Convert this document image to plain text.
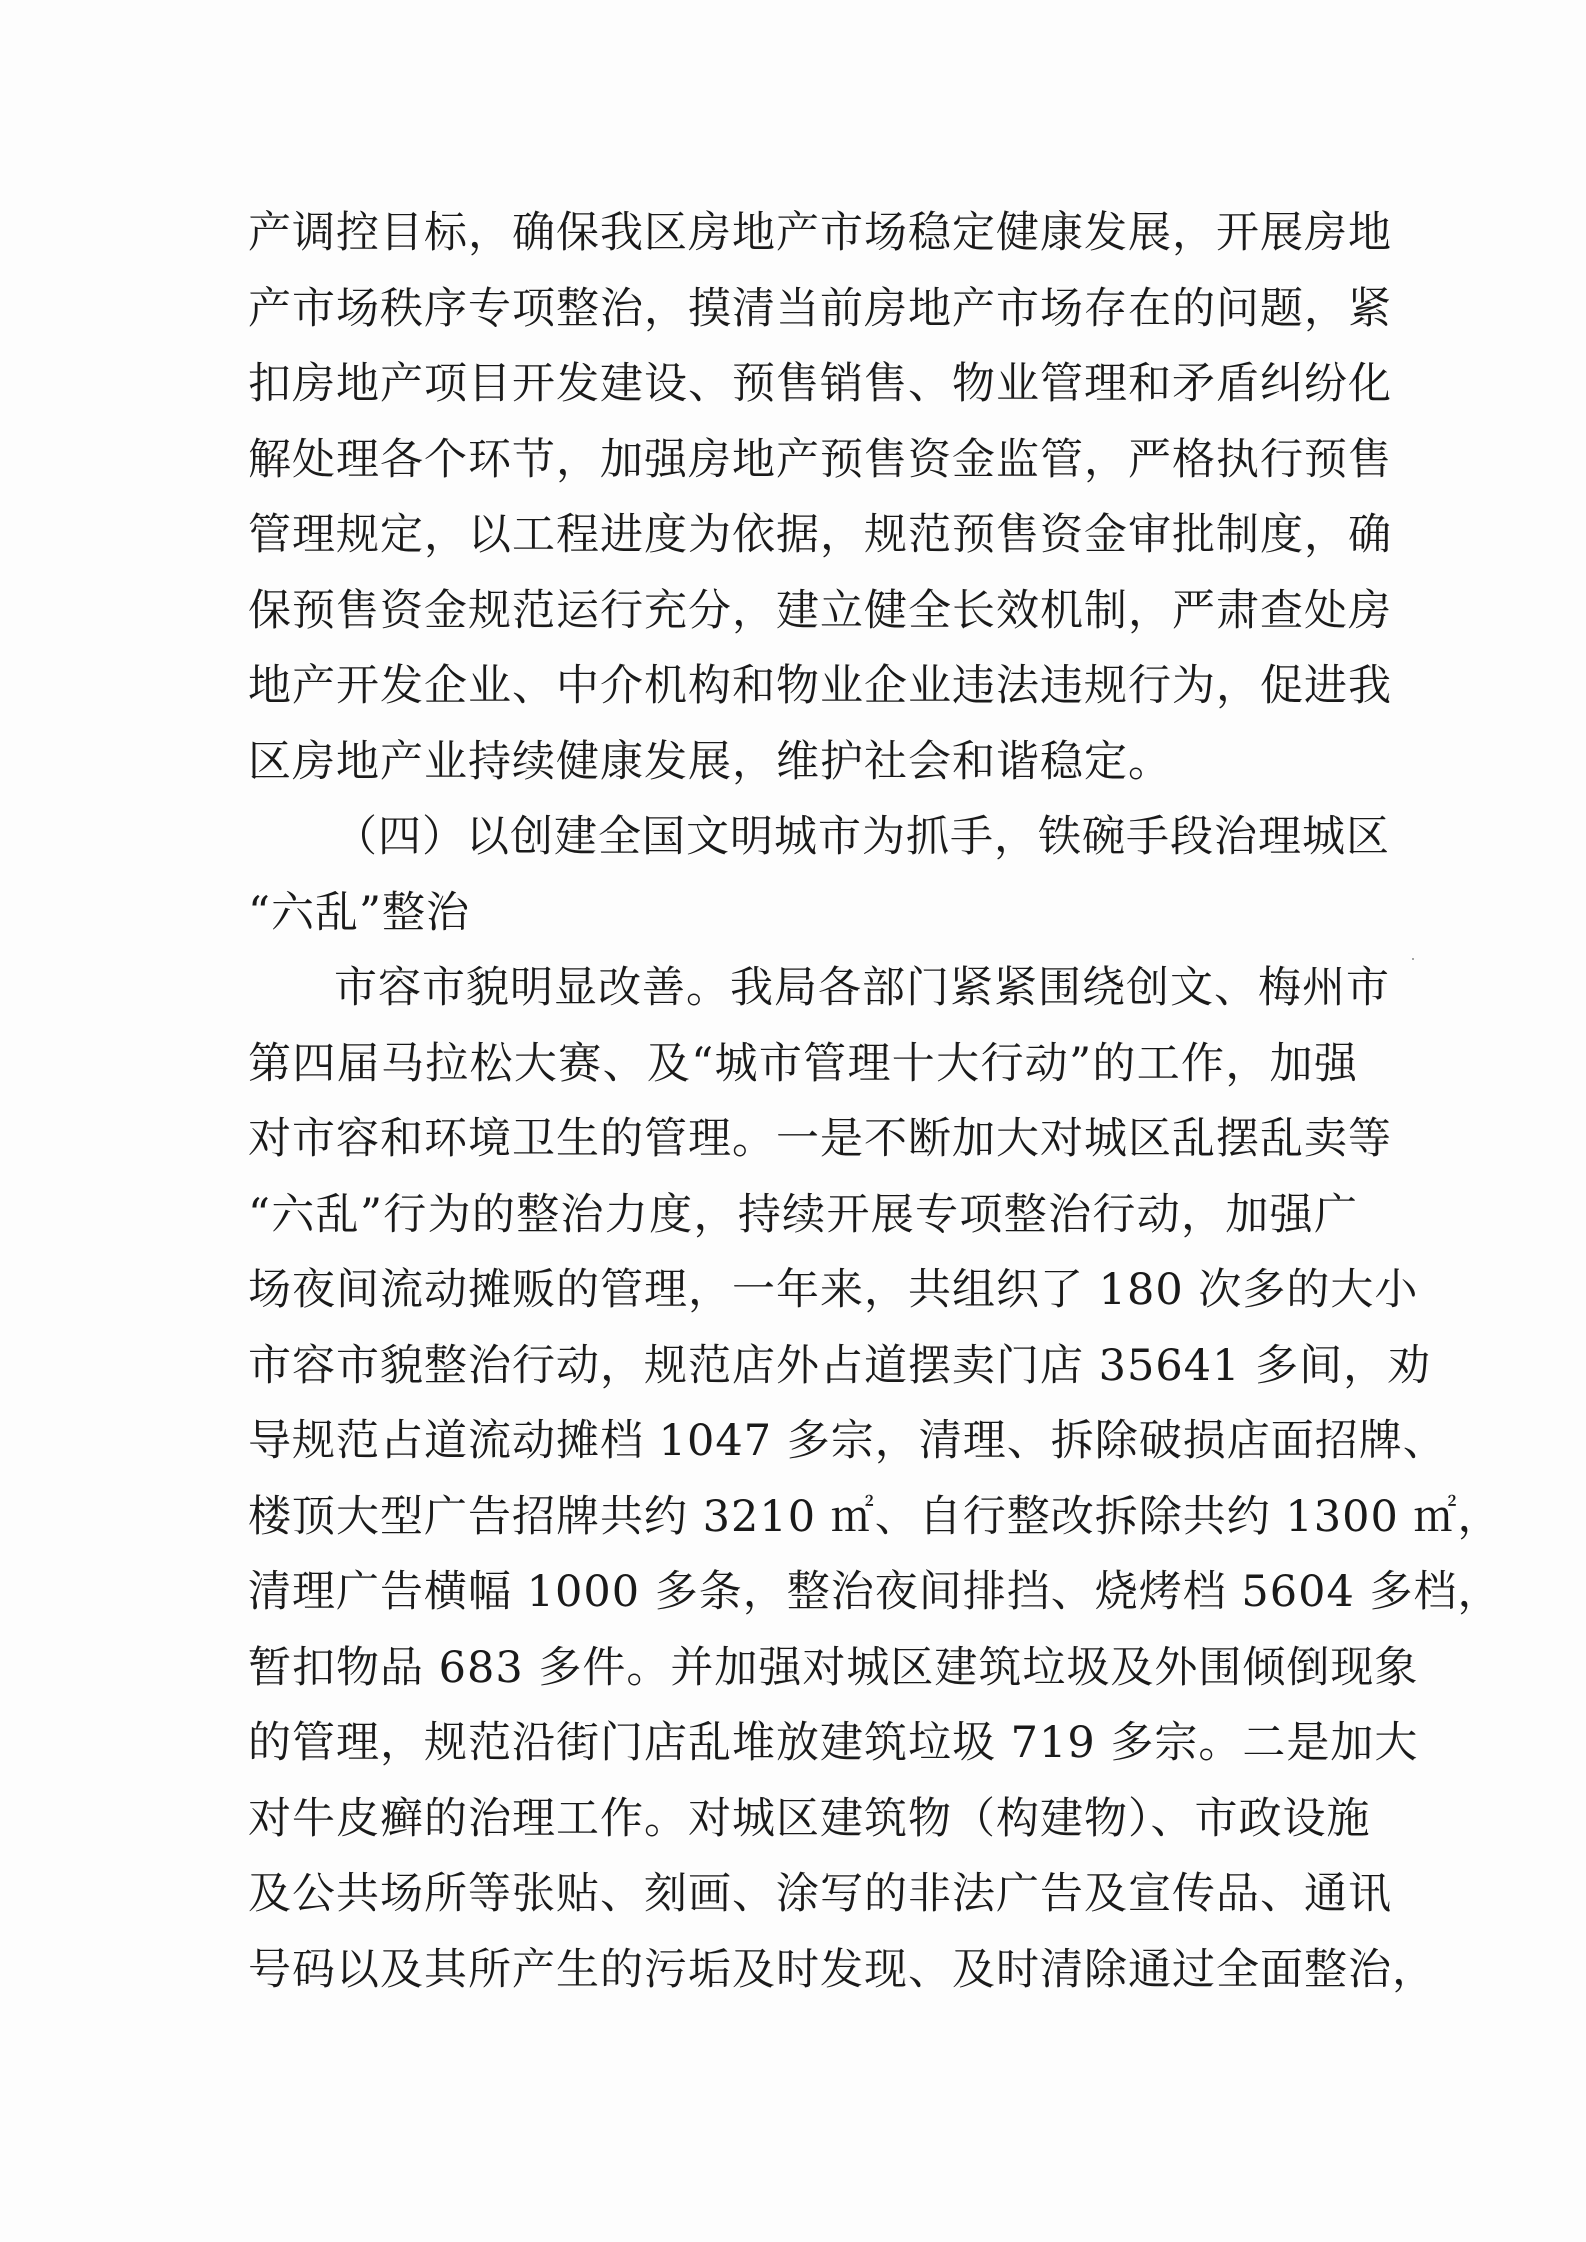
产调控目标，确保我区房地产市场稳定健康发展，开展房地
产市场秩序专项整治，摸清当前房地产市场存在的问题，紧
扣房地产项目开发建设、预售销售、物业管理和矛盾纠纷化
解处理各个环节，加强房地产预售资金监管，严格执行预售
管理规定，以工程进度为依据，规范预售资金审批制度，确
保预售资金规范运行充分，建立健全长效机制，严肃查处房
地产开发企业、中介机构和物业企业违法违规行为，促进我
区房地产业持续健康发展，维护社会和谐稳定。
（四）以创建全国文明城市为抓手，铁碗手段治理城区
“六乱”整治
市容市貌明显改善。我局各部门紧紧围绕创文、梅州市
第四届马拉松大赛、及“城市管理十大行动”的工作，加强
对市容和环境卫生的管理。一是不断加大对城区乱摆乱卖等
“六乱”行为的整治力度，持续开展专项整治行动，加强广
场夜间流动摊贩的管理，一年来，共组织了 180 次多的大小
市容市貌整治行动，规范店外占道摆卖门店 35641 多间，劝
导规范占道流动摊档 1047 多宗，清理、拆除破损店面招牌、
楼顶大型广告招牌共约 3210 ㎡、自行整改拆除共约 1300 ㎡，
清理广告横幅 1000 多条，整治夜间排挡、烧烤档 5604 多档，
暂扣物品 683 多件。并加强对城区建筑垃圾及外围倾倒现象
的管理，规范沿街门店乱堆放建筑垃圾 719 多宗。二是加大
对牛皮癣的治理工作。对城区建筑物（构建物）、市政设施
及公共场所等张贴、刻画、涂写的非法广告及宣传品、通讯
号码以及其所产生的污垢及时发现、及时清除通过全面整治，
